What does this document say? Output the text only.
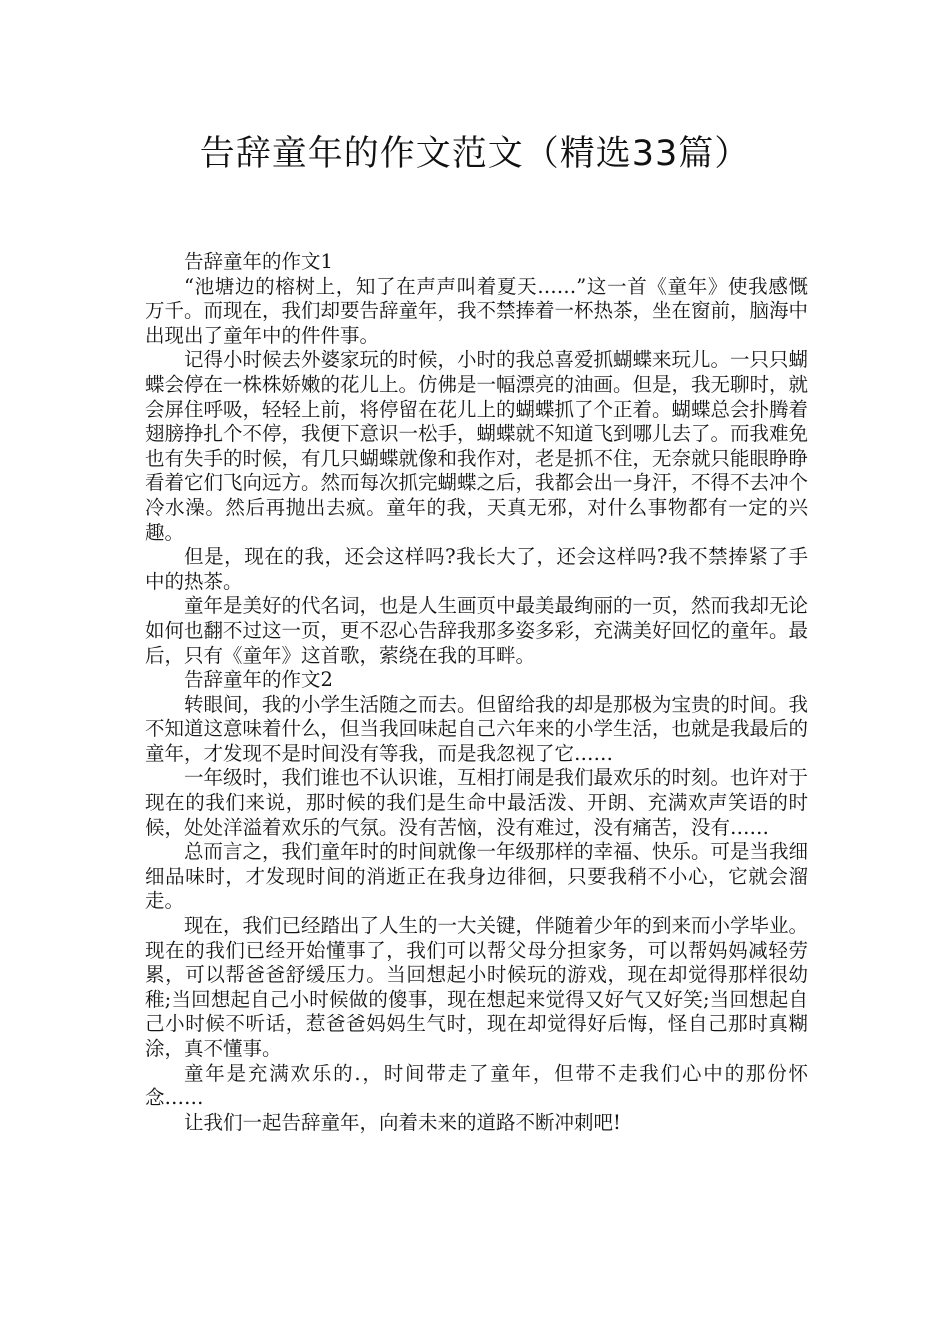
告辞童年的作文范文（精选33篇）

告辞童年的作文1

“池塘边的榕树上，知了在声声叫着夏天……”这一首《童年》使我感慨万千。而现在，我们却要告辞童年，我不禁捧着一杯热茶，坐在窗前，脑海中出现出了童年中的件件事。

记得小时候去外婆家玩的时候，小时的我总喜爱抓蝴蝶来玩儿。一只只蝴蝶会停在一株株娇嫩的花儿上。仿佛是一幅漂亮的油画。但是，我无聊时，就会屏住呼吸，轻轻上前，将停留在花儿上的蝴蝶抓了个正着。蝴蝶总会扑腾着翅膀挣扎个不停，我便下意识一松手，蝴蝶就不知道飞到哪儿去了。而我难免也有失手的时候，有几只蝴蝶就像和我作对，老是抓不住，无奈就只能眼睁睁看着它们飞向远方。然而每次抓完蝴蝶之后，我都会出一身汗，不得不去冲个冷水澡。然后再抛出去疯。童年的我，天真无邪，对什么事物都有一定的兴趣。

但是，现在的我，还会这样吗?我长大了，还会这样吗?我不禁捧紧了手中的热茶。

童年是美好的代名词，也是人生画页中最美最绚丽的一页，然而我却无论如何也翻不过这一页，更不忍心告辞我那多姿多彩，充满美好回忆的童年。最后，只有《童年》这首歌，萦绕在我的耳畔。

告辞童年的作文2

转眼间，我的小学生活随之而去。但留给我的却是那极为宝贵的时间。我不知道这意味着什么，但当我回味起自己六年来的小学生活，也就是我最后的童年，才发现不是时间没有等我，而是我忽视了它……

一年级时，我们谁也不认识谁，互相打闹是我们最欢乐的时刻。也许对于现在的我们来说，那时候的我们是生命中最活泼、开朗、充满欢声笑语的时候，处处洋溢着欢乐的气氛。没有苦恼，没有难过，没有痛苦，没有……

总而言之，我们童年时的时间就像一年级那样的幸福、快乐。可是当我细细品味时，才发现时间的消逝正在我身边徘徊，只要我稍不小心，它就会溜走。

现在，我们已经踏出了人生的一大关键，伴随着少年的到来而小学毕业。现在的我们已经开始懂事了，我们可以帮父母分担家务，可以帮妈妈减轻劳累，可以帮爸爸舒缓压力。当回想起小时候玩的游戏，现在却觉得那样很幼稚;当回想起自己小时候做的傻事，现在想起来觉得又好气又好笑;当回想起自己小时候不听话，惹爸爸妈妈生气时，现在却觉得好后悔，怪自己那时真糊涂，真不懂事。

童年是充满欢乐的.，时间带走了童年，但带不走我们心中的那份怀念……

让我们一起告辞童年，向着未来的道路不断冲刺吧!
